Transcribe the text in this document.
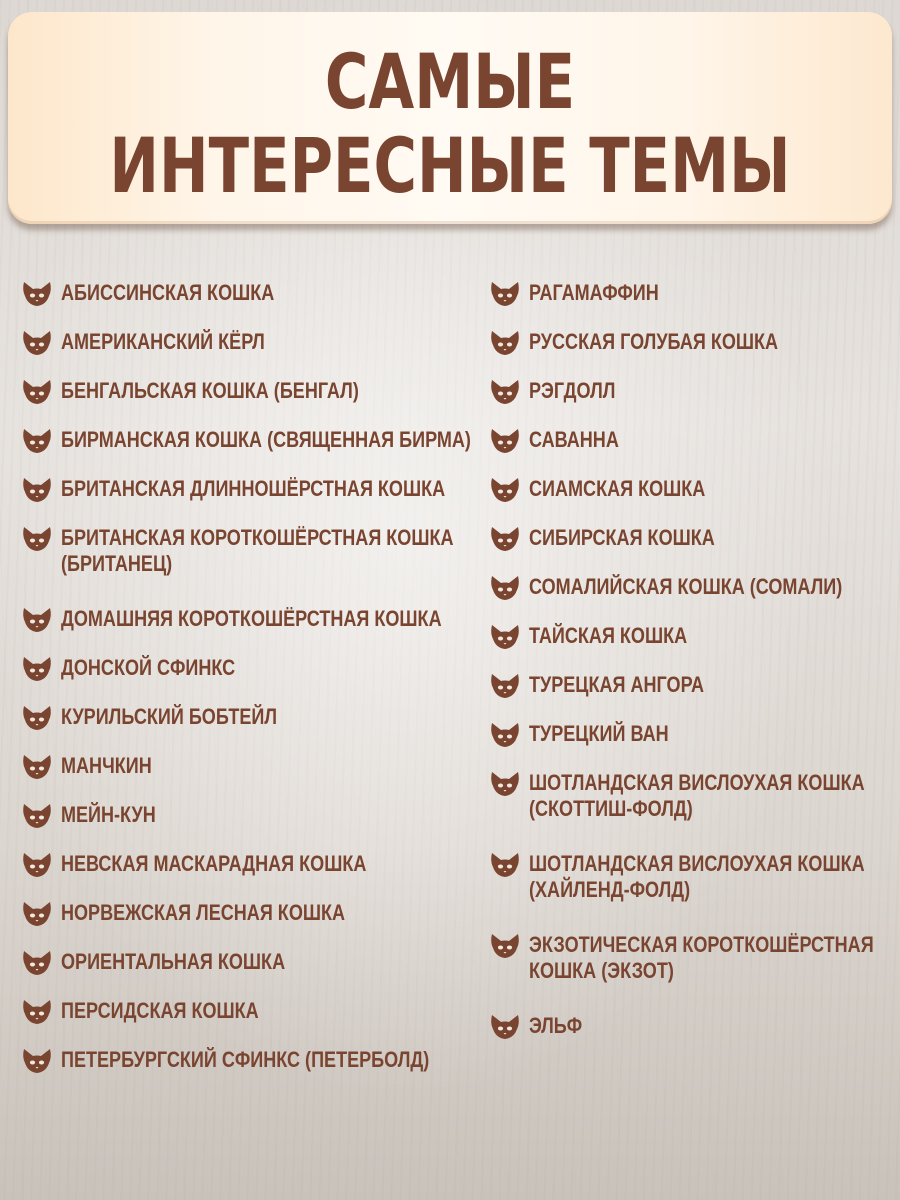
САМЫЕ
ИНТЕРЕСНЫЕ ТЕМЫ
АБИССИНСКАЯ КОШКА
АМЕРИКАНСКИЙ КЁРЛ
БЕНГАЛЬСКАЯ КОШКА (БЕНГАЛ)
БИРМАНСКАЯ КОШКА (СВЯЩЕННАЯ БИРМА)
БРИТАНСКАЯ ДЛИННОШЁРСТНАЯ КОШКА
БРИТАНСКАЯ КОРОТКОШЁРСТНАЯ КОШКА (БРИТАНЕЦ)
ДОМАШНЯЯ КОРОТКОШЁРСТНАЯ КОШКА
ДОНСКОЙ СФИНКС
КУРИЛЬСКИЙ БОБТЕЙЛ
МАНЧКИН
МЕЙН-КУН
НЕВСКАЯ МАСКАРАДНАЯ КОШКА
НОРВЕЖСКАЯ ЛЕСНАЯ КОШКА
ОРИЕНТАЛЬНАЯ КОШКА
ПЕРСИДСКАЯ КОШКА
ПЕТЕРБУРГСКИЙ СФИНКС (ПЕТЕРБОЛД)
РАГАМАФФИН
РУССКАЯ ГОЛУБАЯ КОШКА
РЭГДОЛЛ
САВАННА
СИАМСКАЯ КОШКА
СИБИРСКАЯ КОШКА
СОМАЛИЙСКАЯ КОШКА (СОМАЛИ)
ТАЙСКАЯ КОШКА
ТУРЕЦКАЯ АНГОРА
ТУРЕЦКИЙ ВАН
ШОТЛАНДСКАЯ ВИСЛОУХАЯ КОШКА (СКОТТИШ-ФОЛД)
ШОТЛАНДСКАЯ ВИСЛОУХАЯ КОШКА (ХАЙЛЕНД-ФОЛД)
ЭКЗОТИЧЕСКАЯ КОРОТКОШЁРСТНАЯ КОШКА (ЭКЗОТ)
ЭЛЬФ
